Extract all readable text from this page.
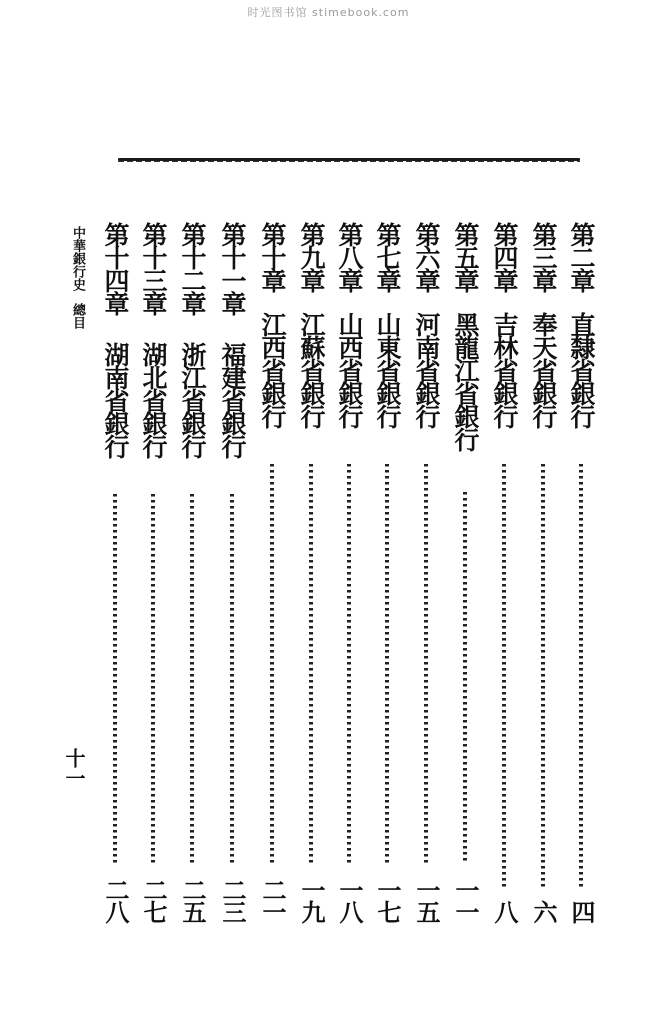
时光图书馆 stimebook.com
第二章
直隸省銀行
四
第三章
奉天省銀行
六
第四章
吉林省銀行
八
第五章
黑龍江省銀行
一一
第六章
河南省銀行
一五
第七章
山東省銀行
一七
第八章
山西省銀行
一八
第九章
江蘇省銀行
一九
第十章
江西省銀行
二一
第十一章
福建省銀行
二三
第十二章
浙江省銀行
二五
第十三章
湖北省銀行
二七
第十四章
湖南省銀行
二八
中華銀行史總目
十一
